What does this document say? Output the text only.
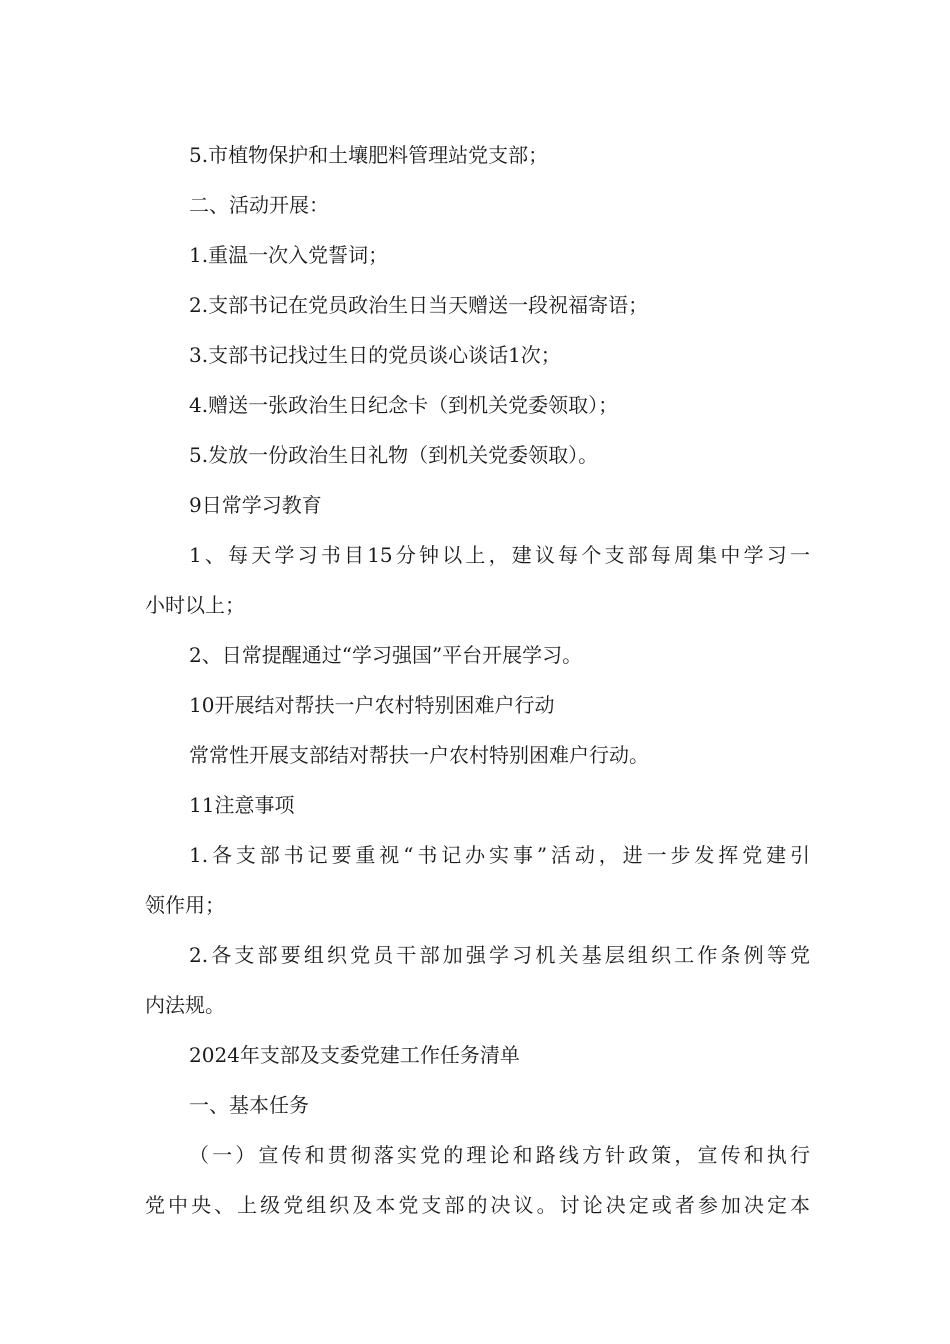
5.市植物保护和土壤肥料管理站党支部；
二、活动开展：
1.重温一次入党誓词；
2.支部书记在党员政治生日当天赠送一段祝福寄语；
3.支部书记找过生日的党员谈心谈话1次；
4.赠送一张政治生日纪念卡（到机关党委领取）；
5.发放一份政治生日礼物（到机关党委领取）。
9日常学习教育
1、每天学习书目15分钟以上，建议每个支部每周集中学习一
小时以上；
2、日常提醒通过“学习强国”平台开展学习。
10开展结对帮扶一户农村特别困难户行动
常常性开展支部结对帮扶一户农村特别困难户行动。
11注意事项
1.各支部书记要重视“书记办实事”活动，进一步发挥党建引
领作用；
2.各支部要组织党员干部加强学习机关基层组织工作条例等党
内法规。
2024年支部及支委党建工作任务清单
一、基本任务
（一）宣传和贯彻落实党的理论和路线方针政策，宣传和执行
党中央、上级党组织及本党支部的决议。讨论决定或者参加决定本
